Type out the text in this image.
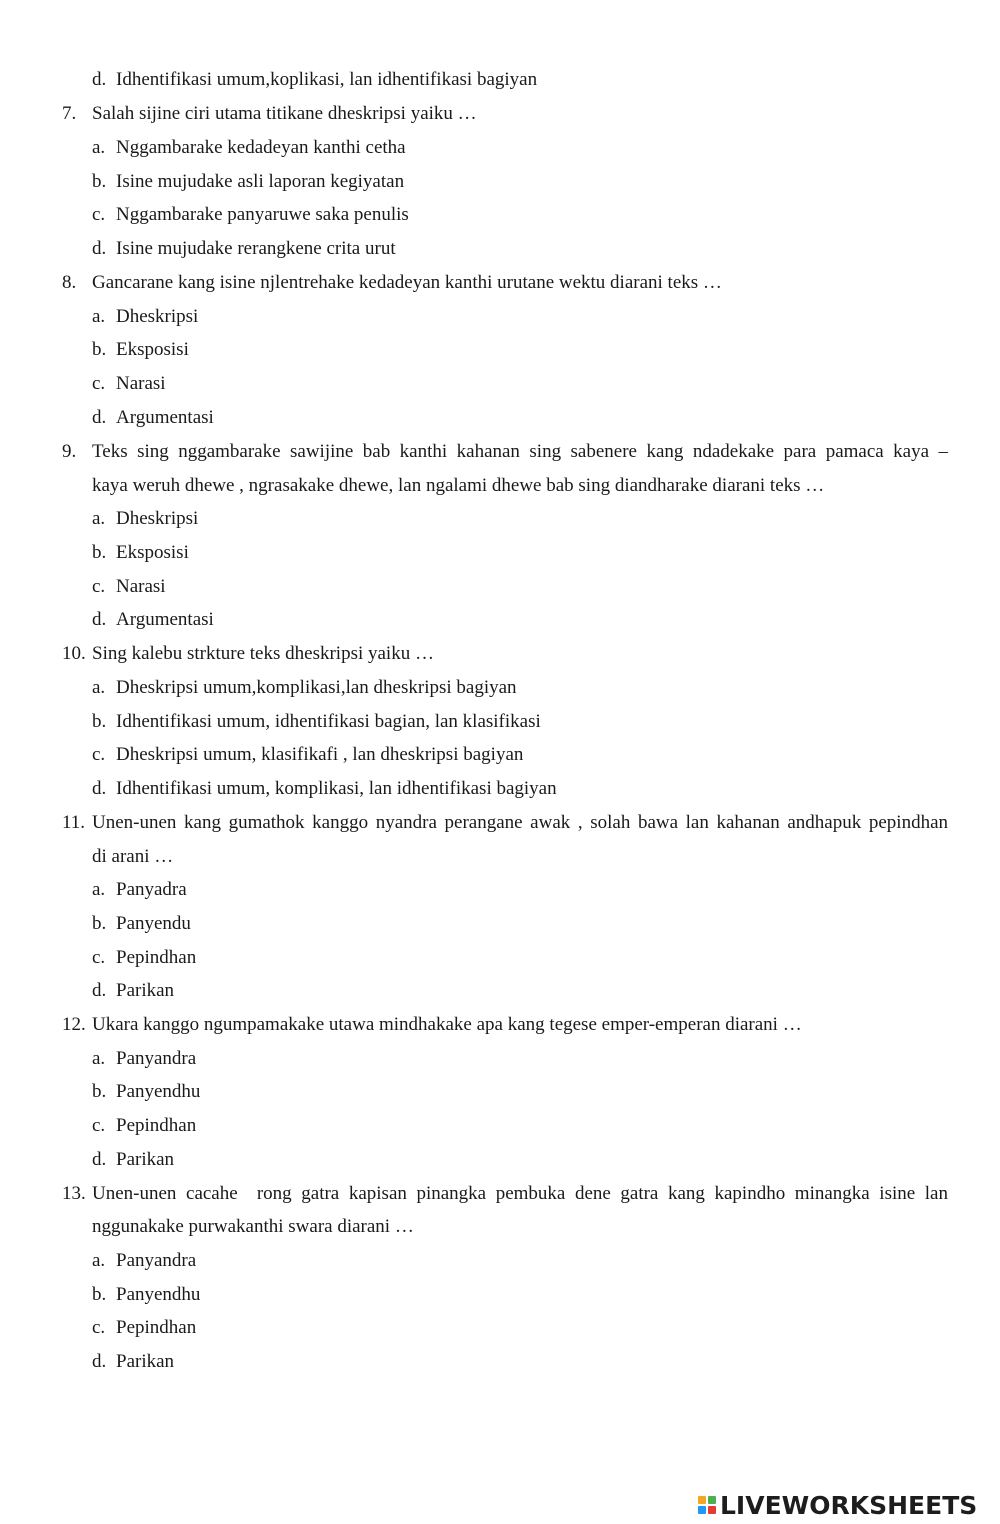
d. Idhentifikasi umum,koplikasi, lan idhentifikasi bagiyan
7. Salah sijine ciri utama titikane dheskripsi yaiku …
a. Nggambarake kedadeyan kanthi cetha
b. Isine mujudake asli laporan kegiyatan
c. Nggambarake panyaruwe saka penulis
d. Isine mujudake rerangkene crita urut
8. Gancarane kang isine njlentrehake kedadeyan kanthi urutane wektu diarani teks …
a. Dheskripsi
b. Eksposisi
c. Narasi
d. Argumentasi
9. Teks sing nggambarake sawijine bab kanthi kahanan sing sabenere kang ndadekake para pamaca kaya –
kaya weruh dhewe , ngrasakake dhewe, lan ngalami dhewe bab sing diandharake diarani teks …
a. Dheskripsi
b. Eksposisi
c. Narasi
d. Argumentasi
10. Sing kalebu strkture teks dheskripsi yaiku …
a. Dheskripsi umum,komplikasi,lan dheskripsi bagiyan
b. Idhentifikasi umum, idhentifikasi bagian, lan klasifikasi
c. Dheskripsi umum, klasifikafi , lan dheskripsi bagiyan
d. Idhentifikasi umum, komplikasi, lan idhentifikasi bagiyan
11. Unen-unen kang gumathok kanggo nyandra perangane awak , solah bawa lan kahanan andhapuk pepindhan
di arani …
a. Panyadra
b. Panyendu
c. Pepindhan
d. Parikan
12. Ukara kanggo ngumpamakake utawa mindhakake apa kang tegese emper-emperan diarani …
a. Panyandra
b. Panyendhu
c. Pepindhan
d. Parikan
13. Unen-unen cacahe  rong gatra kapisan pinangka pembuka dene gatra kang kapindho minangka isine lan
nggunakake purwakanthi swara diarani …
a. Panyandra
b. Panyendhu
c. Pepindhan
d. Parikan
LIVEWORKSHEETS
